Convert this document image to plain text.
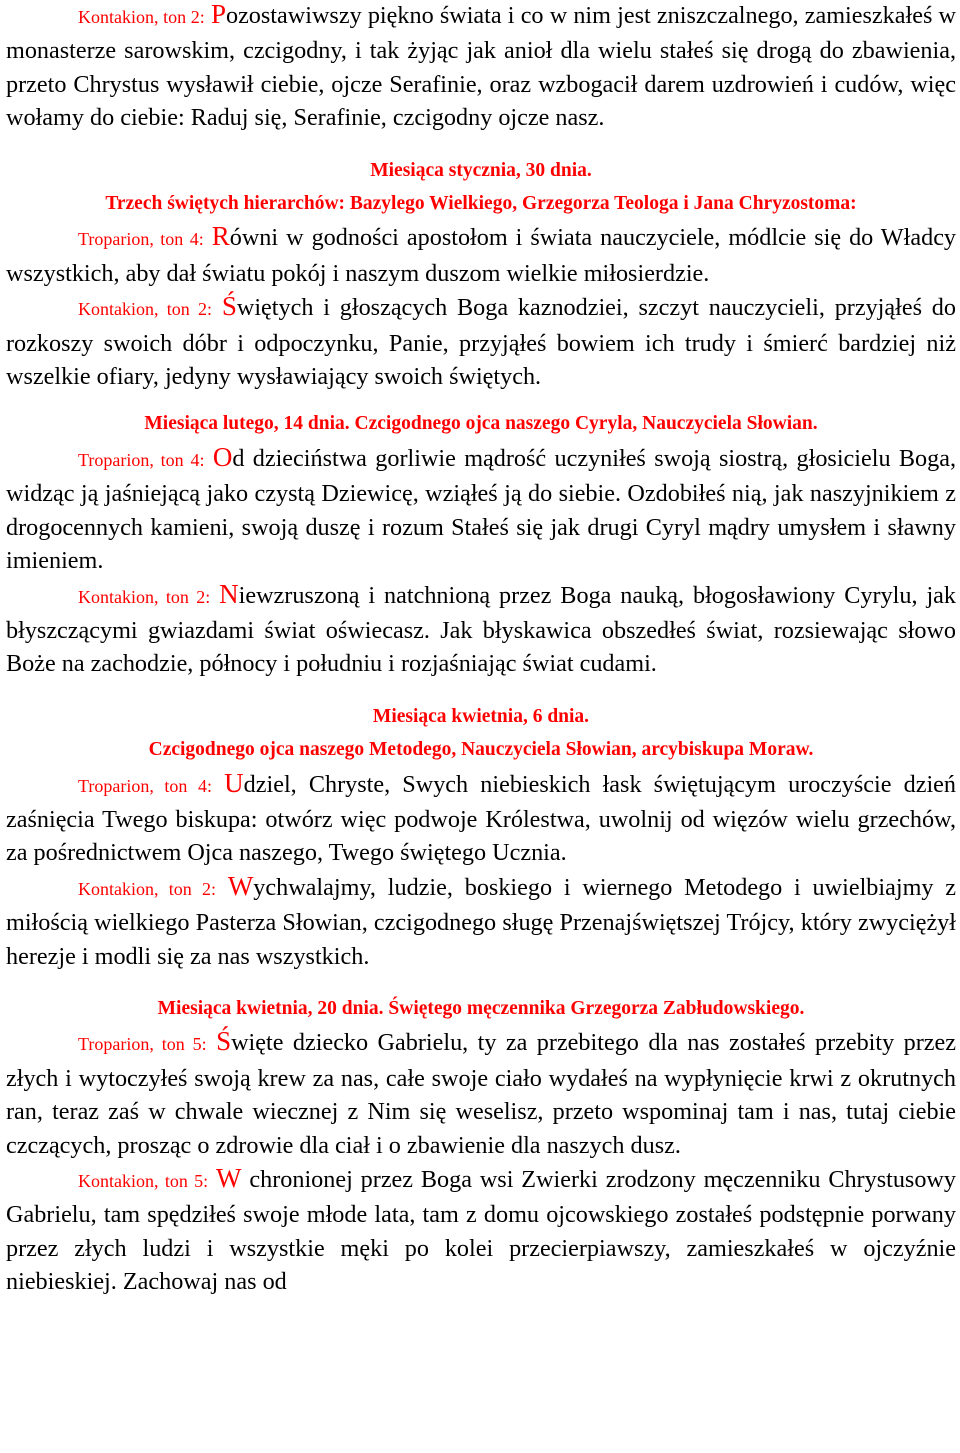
Kontakion, ton 2: Pozostawiwszy piękno świata i co w nim jest zniszczalnego, zamieszkałeś w monasterze sarowskim, czcigodny, i tak żyjąc jak anioł dla wielu stałeś się drogą do zbawienia, przeto Chrystus wysławił ciebie, ojcze Serafinie, oraz wzbogacił darem uzdrowień i cudów, więc wołamy do ciebie: Raduj się, Serafinie, czcigodny ojcze nasz.

Miesiąca stycznia, 30 dnia.

Trzech świętych hierarchów: Bazylego Wielkiego, Grzegorza Teologa i Jana Chryzostoma:

Troparion, ton 4: Równi w godności apostołom i świata nauczyciele, módlcie się do Władcy wszystkich, aby dał światu pokój i naszym duszom wielkie miłosierdzie.

Kontakion, ton 2: Świętych i głoszących Boga kaznodziei, szczyt nauczycieli, przyjąłeś do rozkoszy swoich dóbr i odpoczynku, Panie, przyjąłeś bowiem ich trudy i śmierć bardziej niż wszelkie ofiary, jedyny wysławiający swoich świętych.

Miesiąca lutego, 14 dnia. Czcigodnego ojca naszego Cyryla, Nauczyciela Słowian.

Troparion, ton 4: Od dzieciństwa gorliwie mądrość uczyniłeś swoją siostrą, głosicielu Boga, widząc ją jaśniejącą jako czystą Dziewicę, wziąłeś ją do siebie. Ozdobiłeś nią, jak naszyjnikiem z drogocennych kamieni, swoją duszę i rozum Stałeś się jak drugi Cyryl mądry umysłem i sławny imieniem.

Kontakion, ton 2: Niewzruszoną i natchnioną przez Boga nauką, błogosławiony Cyrylu, jak błyszczącymi gwiazdami świat oświecasz. Jak błyskawica obszedłeś świat, rozsiewając słowo Boże na zachodzie, północy i południu i rozjaśniając świat cudami.

Miesiąca kwietnia, 6 dnia.

Czcigodnego ojca naszego Metodego, Nauczyciela Słowian, arcybiskupa Moraw.

Troparion, ton 4: Udziel, Chryste, Swych niebieskich łask świętującym uroczyście dzień zaśnięcia Twego biskupa: otwórz więc podwoje Królestwa, uwolnij od więzów wielu grzechów, za pośrednictwem Ojca naszego, Twego świętego Ucznia.

Kontakion, ton 2: Wychwalajmy, ludzie, boskiego i wiernego Metodego i uwielbiajmy z miłością wielkiego Pasterza Słowian, czcigodnego sługę Przenajświętszej Trójcy, który zwyciężył herezje i modli się za nas wszystkich.

Miesiąca kwietnia, 20 dnia. Świętego męczennika Grzegorza Zabłudowskiego.

Troparion, ton 5: Święte dziecko Gabrielu, ty za przebitego dla nas zostałeś przebity przez złych i wytoczyłeś swoją krew za nas, całe swoje ciało wydałeś na wypłynięcie krwi z okrutnych ran, teraz zaś w chwale wiecznej z Nim się weselisz, przeto wspominaj tam i nas, tutaj ciebie czczących, prosząc o zdrowie dla ciał i o zbawienie dla naszych dusz.

Kontakion, ton 5: W chronionej przez Boga wsi Zwierki zrodzony męczenniku Chrystusowy Gabrielu, tam spędziłeś swoje młode lata, tam z domu ojcowskiego zostałeś podstępnie porwany przez złych ludzi i wszystkie męki po kolei przecierpiawszy, zamieszkałeś w ojczyźnie niebieskiej. Zachowaj nas od
